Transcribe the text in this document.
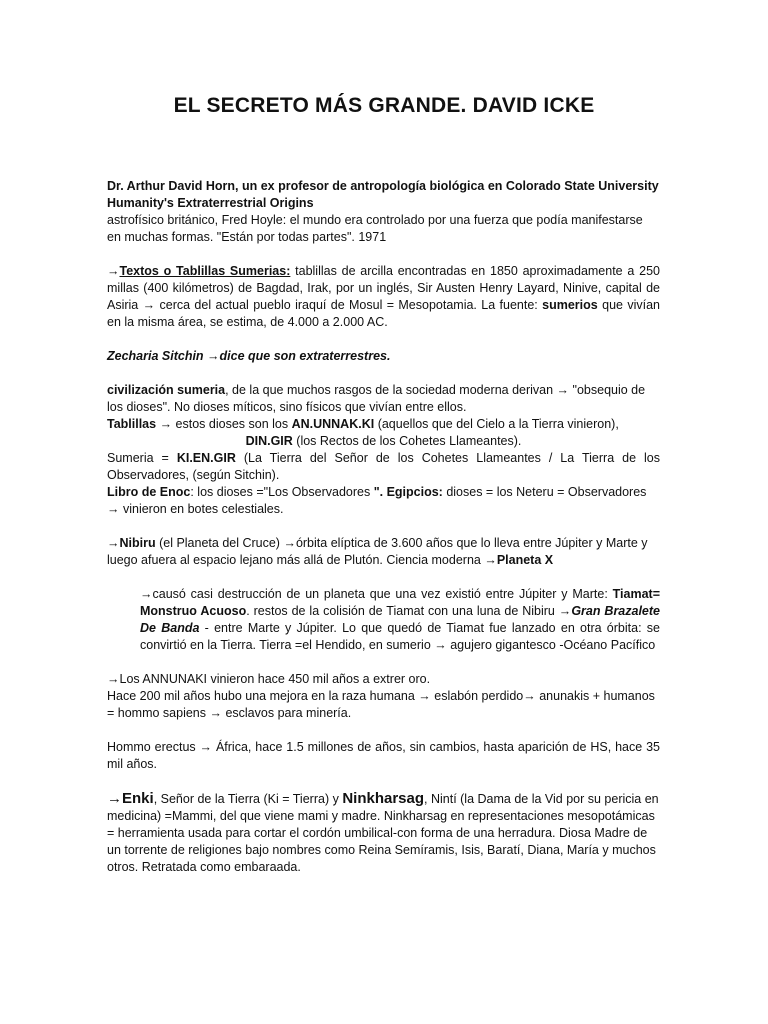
EL SECRETO MÁS GRANDE. DAVID ICKE

Dr. Arthur David Horn, un ex profesor de antropología biológica en Colorado State University

Humanity's Extraterrestrial Origins

astrofísico británico, Fred Hoyle: el mundo era controlado por una fuerza que podía manifestarse en muchas formas. "Están por todas partes". 1971

→Textos o Tablillas Sumerias: tablillas de arcilla encontradas en 1850 aproximadamente a 250 millas (400 kilómetros) de Bagdad, Irak, por un inglés, Sir Austen Henry Layard, Ninive, capital de Asiria → cerca del actual pueblo iraquí de Mosul = Mesopotamia. La fuente: sumerios que vivían en la misma área, se estima, de 4.000 a 2.000 AC.

Zecharia Sitchin →dice que son extraterrestres.

civilización sumeria, de la que muchos rasgos de la sociedad moderna derivan → "obsequio de los dioses". No dioses míticos, sino físicos que vivían entre ellos.

Tablillas → estos dioses son los AN.UNNAK.KI (aquellos que del Cielo a la Tierra vinieron),

DIN.GIR (los Rectos de los Cohetes Llameantes).

Sumeria = KI.EN.GIR (La Tierra del Señor de los Cohetes Llameantes / La Tierra de los Observadores, (según Sitchin).

Libro de Enoc: los dioses ="Los Observadores ". Egipcios: dioses = los Neteru = Observadores → vinieron en botes celestiales.

→Nibiru (el Planeta del Cruce) →órbita elíptica de 3.600 años que lo lleva entre Júpiter y Marte y luego afuera al espacio lejano más allá de Plutón. Ciencia moderna →Planeta X

→causó casi destrucción de un planeta que una vez existió entre Júpiter y Marte: Tiamat= Monstruo Acuoso. restos de la colisión de Tiamat con una luna de Nibiru →Gran Brazalete De Banda - entre Marte y Júpiter. Lo que quedó de Tiamat fue lanzado en otra órbita: se convirtió en la Tierra. Tierra =el Hendido, en sumerio → agujero gigantesco -Océano Pacífico

→Los ANNUNAKI vinieron hace 450 mil años a extrer oro.

Hace 200 mil años hubo una mejora en la raza humana → eslabón perdido→ anunakis + humanos = hommo sapiens → esclavos para minería.

Hommo erectus → África, hace 1.5 millones de años, sin cambios, hasta aparición de HS, hace 35 mil años.

→Enki, Señor de la Tierra (Ki = Tierra) y Ninkharsag, Nintí (la Dama de la Vid por su pericia en medicina) =Mammi, del que viene mami y madre. Ninkharsag en representaciones mesopotámicas = herramienta usada para cortar el cordón umbilical-con forma de una herradura. Diosa Madre de un torrente de religiones bajo nombres como Reina Semíramis, Isis, Baratí, Diana, María y muchos otros. Retratada como embaraada.
